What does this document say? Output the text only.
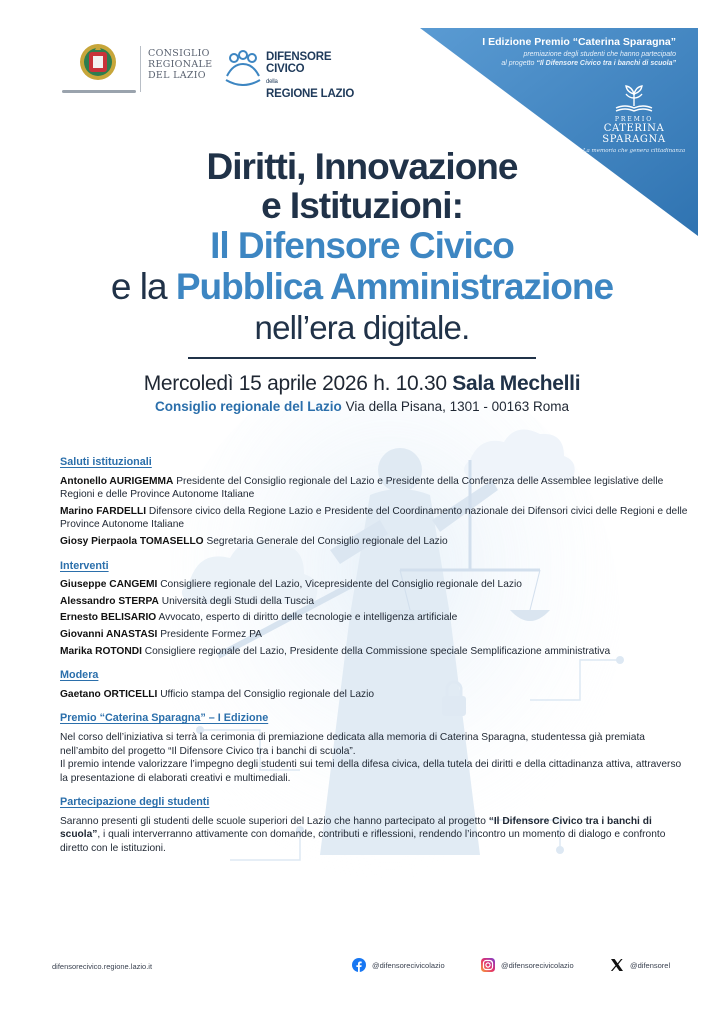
CONSIGLIO
REGIONALE
DEL LAZIO
DIFENSORE
CIVICO
della
REGIONE LAZIO
I Edizione Premio “Caterina Sparagna”
premiazione degli studenti che hanno partecipato
al progetto “Il Difensore Civico tra i banchi di scuola”
PREMIO
CATERINA SPARAGNA
La memoria che genera cittadinanza
Diritti, Innovazione
e Istituzioni:
Il Difensore Civico
e la Pubblica Amministrazione
nell’era digitale.
Mercoledì 15 aprile 2026 h. 10.30 Sala Mechelli
Consiglio regionale del Lazio Via della Pisana, 1301 - 00163 Roma
Saluti istituzionali
Antonello AURIGEMMA Presidente del Consiglio regionale del Lazio e Presidente della Conferenza delle Assemblee legislative delle Regioni e delle Province Autonome Italiane
Marino FARDELLI Difensore civico della Regione Lazio e Presidente del Coordinamento nazionale dei Difensori civici delle Regioni e delle Province Autonome Italiane
Giosy Pierpaola TOMASELLO Segretaria Generale del Consiglio regionale del Lazio
Interventi
Giuseppe CANGEMI Consigliere regionale del Lazio, Vicepresidente del Consiglio regionale del Lazio
Alessandro STERPA Università degli Studi della Tuscia
Ernesto BELISARIO Avvocato, esperto di diritto delle tecnologie e intelligenza artificiale
Giovanni ANASTASI Presidente Formez PA
Marika ROTONDI Consigliere regionale del Lazio, Presidente della Commissione speciale Semplificazione amministrativa
Modera
Gaetano ORTICELLI Ufficio stampa del Consiglio regionale del Lazio
Premio “Caterina Sparagna” – I Edizione
Nel corso dell’iniziativa si terrà la cerimonia di premiazione dedicata alla memoria di Caterina Sparagna, studentessa già premiata nell’ambito del progetto “Il Difensore Civico tra i banchi di scuola”.
Il premio intende valorizzare l’impegno degli studenti sui temi della difesa civica, della tutela dei diritti e della cittadinanza attiva, attraverso la presentazione di elaborati creativi e multimediali.
Partecipazione degli studenti
Saranno presenti gli studenti delle scuole superiori del Lazio che hanno partecipato al progetto “Il Difensore Civico tra i banchi di scuola”, i quali interverranno attivamente con domande, contributi e riflessioni, rendendo l’incontro un momento di dialogo e confronto diretto con le istituzioni.
difensorecivico.regione.lazio.it	@difensorecivicolazio	@difensorecivicolazio	@difensorel
